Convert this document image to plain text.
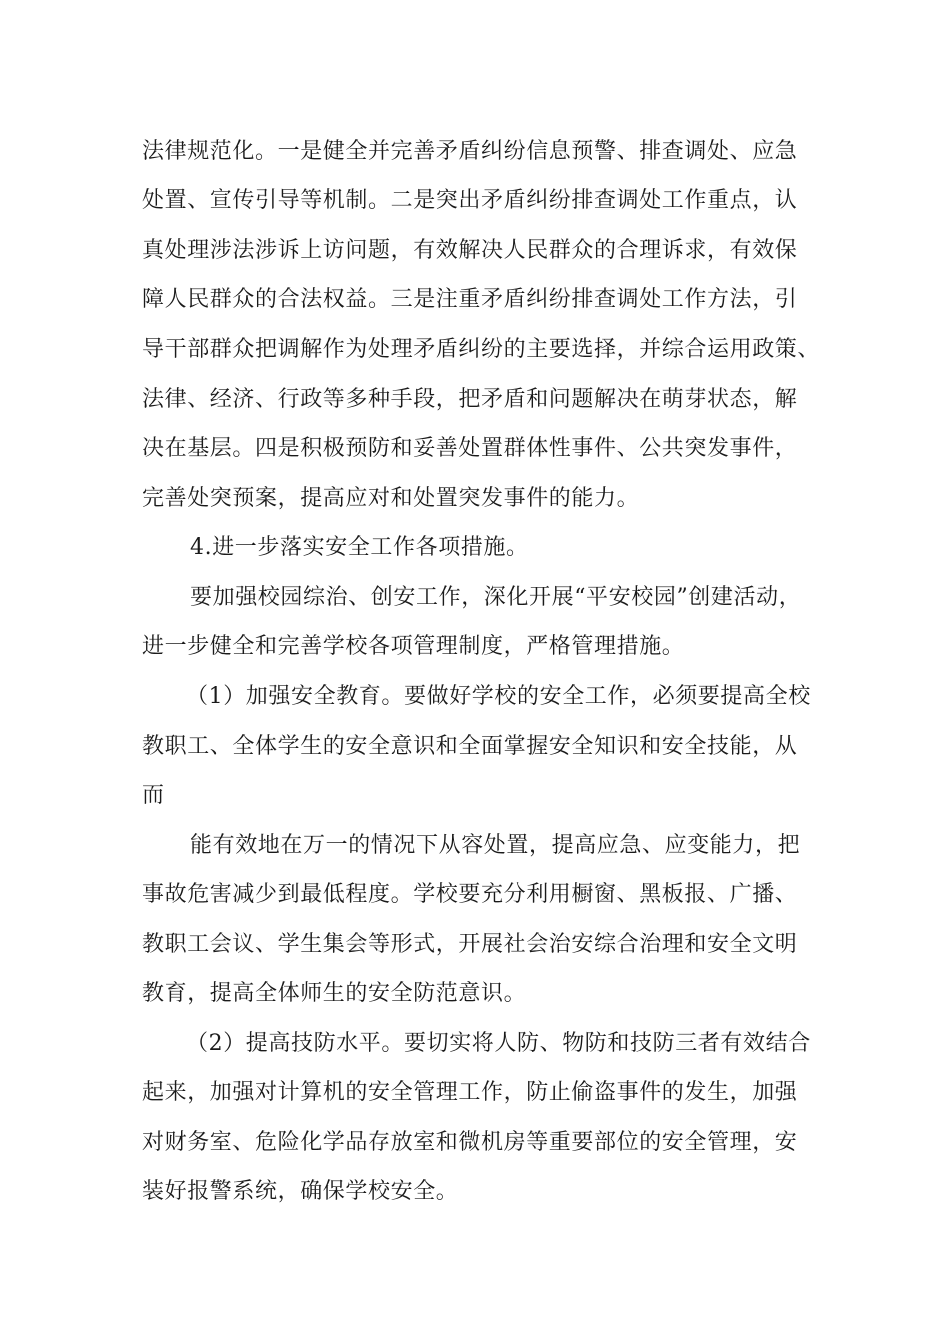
法律规范化。一是健全并完善矛盾纠纷信息预警、排查调处、应急
处置、宣传引导等机制。二是突出矛盾纠纷排查调处工作重点，认
真处理涉法涉诉上访问题，有效解决人民群众的合理诉求，有效保
障人民群众的合法权益。三是注重矛盾纠纷排查调处工作方法，引
导干部群众把调解作为处理矛盾纠纷的主要选择，并综合运用政策、
法律、经济、行政等多种手段，把矛盾和问题解决在萌芽状态，解
决在基层。四是积极预防和妥善处置群体性事件、公共突发事件，
完善处突预案，提高应对和处置突发事件的能力。
4.进一步落实安全工作各项措施。
要加强校园综治、创安工作，深化开展“平安校园”创建活动，
进一步健全和完善学校各项管理制度，严格管理措施。
（1）加强安全教育。要做好学校的安全工作，必须要提高全校
教职工、全体学生的安全意识和全面掌握安全知识和安全技能，从
而
能有效地在万一的情况下从容处置，提高应急、应变能力，把
事故危害减少到最低程度。学校要充分利用橱窗、黑板报、广播、
教职工会议、学生集会等形式，开展社会治安综合治理和安全文明
教育，提高全体师生的安全防范意识。
（2）提高技防水平。要切实将人防、物防和技防三者有效结合
起来，加强对计算机的安全管理工作，防止偷盗事件的发生，加强
对财务室、危险化学品存放室和微机房等重要部位的安全管理，安
装好报警系统，确保学校安全。
